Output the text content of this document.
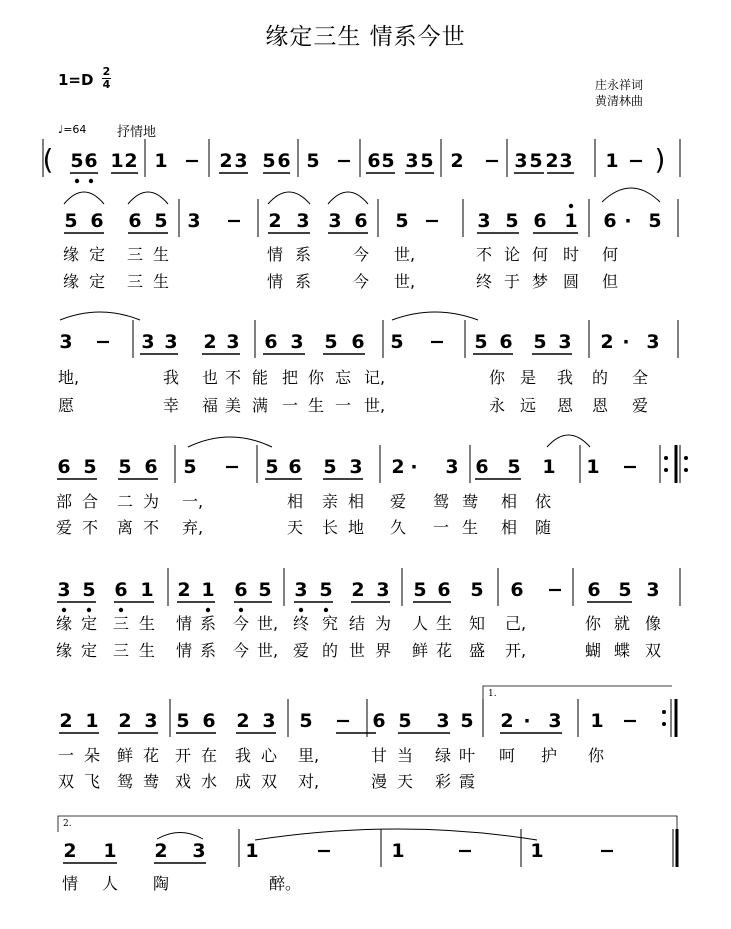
缘定三生 情系今世
1=D 2
4	庄永祥词
黄清林曲
♩=64 抒情地
( 5 6 1 2 1	2 3 5 6 5	6 5 3 5 2	3 5 2 3 1 )
5 6 6 5 3	2 3 3 6 5	3 5 6 1 6 · 5
缘 定 三 生	情 系	今 世,	不 论 何 时 何
缘 定 三 生	情 系	今 世,	终 于 梦 圆 但
3	3 3 2 3 6 3 5 6 5	5 6 5 3 2 · 3
地,	我 也 不 能 把 你 忘 记,	你 是 我 的 全
愿	幸 福 美 满 一 生 一 世,	永 远 恩 恩 爱
6 5 5 6 5	5 6 5 3 2 · 3 6 5 1 1
部 合 二 为 一,	相 亲 相 爱 鸳 鸯 相 依
爱 不 离 不 弃,	天 长 地 久 一 生 相 随
3 5 6 1 2 1 6 5 3 5 2 3 5 6 5 6	6 5 3
缘 定 三 生 情 系 今 世, 终 究 结 为 人 生 知 己,	你 就 像
缘 定 三 生 情 系 今 世, 爱 的 世 界 鲜 花 盛 开,	蝴 蝶 双
2 1 2 3 5 6 2 3 5	6 5 3 5 2 · 3 1
一 朵 鲜 花 开 在 我 心 里,	甘 当 绿 叶 呵 护 你
双 飞 鸳 鸯 戏 水 成 双 对,	漫 天 彩 霞
2 1 2 3 1	1	1
情 人 陶	醉。
1.
2.
